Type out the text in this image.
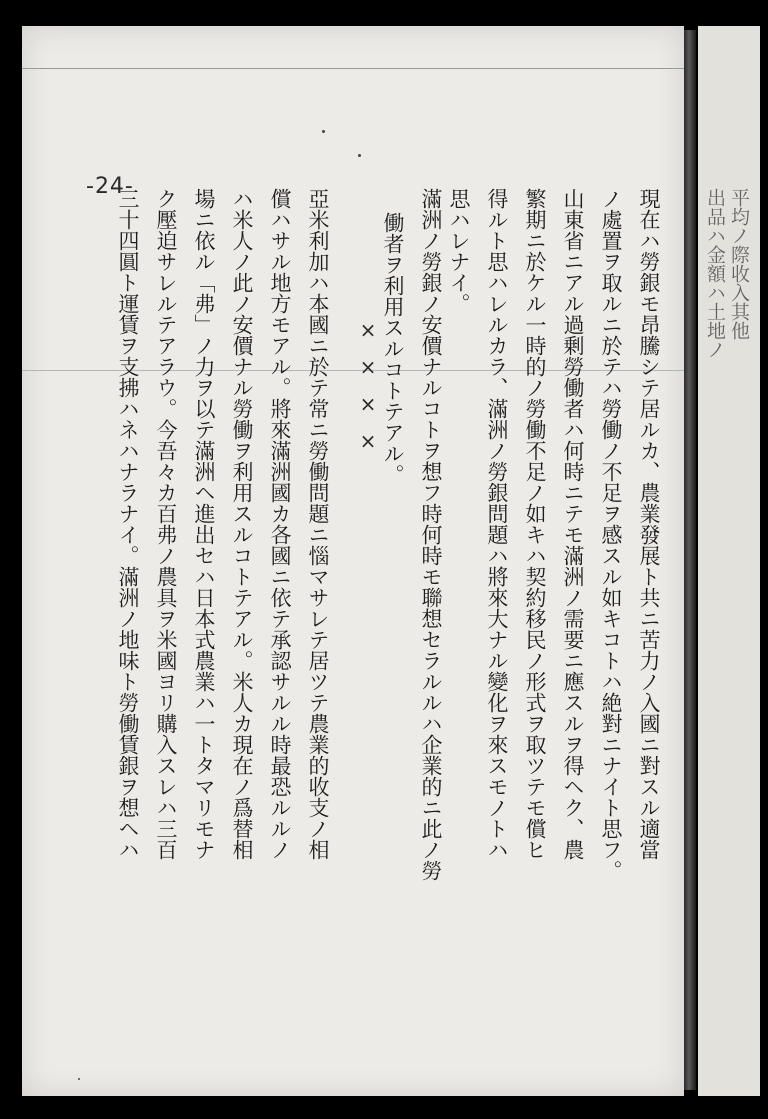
-24-
現在ハ勞銀モ昂騰シテ居ルカ、農業發展ト共ニ苦力ノ入國ニ對スル適當
ノ處置ヲ取ルニ於テハ勞働ノ不足ヲ感スル如キコトハ絶對ニナイト思フ。
山東省ニアル過剰勞働者ハ何時ニテモ滿洲ノ需要ニ應スルヲ得ヘク、農
繁期ニ於ケル一時的ノ勞働不足ノ如キハ契約移民ノ形式ヲ取ツテモ償ヒ
得ルト思ハレルカラ、滿洲ノ勞銀問題ハ將來大ナル變化ヲ來スモノトハ
思ハレナイ。
滿洲ノ勞銀ノ安價ナルコトヲ想フ時何時モ聯想セラルルハ企業的ニ此ノ勞
働者ヲ利用スルコトテアル。
××××
亞米利加ハ本國ニ於テ常ニ勞働問題ニ惱マサレテ居ツテ農業的收支ノ相
償ハサル地方モアル。將來滿洲國カ各國ニ依テ承認サルル時最恐ルルノ
ハ米人ノ此ノ安價ナル勞働ヲ利用スルコトテアル。米人カ現在ノ爲替相
場ニ依ル「弗」ノ力ヲ以テ滿洲ヘ進出セハ日本式農業ハ一トタマリモナ
ク壓迫サレルテアラウ。今吾々カ百弗ノ農具ヲ米國ヨリ購入スレハ三百
三十四圓ト運賃ヲ支拂ハネハナラナイ。滿洲ノ地味ト勞働賃銀ヲ想ヘハ	平均ノ際收入其他
出品ハ金額ハ土地ノ
